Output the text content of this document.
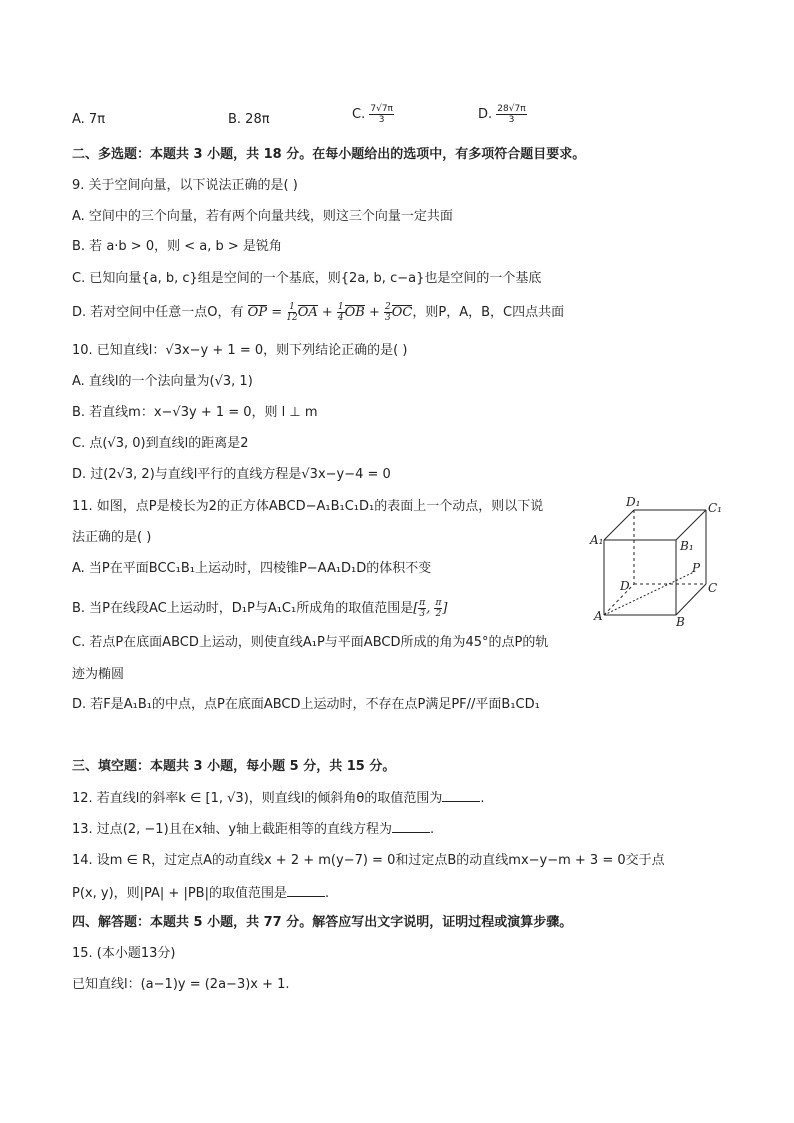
A. 7π	B. 28π	C. $\frac{7√7\pi}{3}$	D. $\frac{28√7\pi}{3}$
二、多选题：本题共 3 小题，共 18 分。在每小题给出的选项中，有多项符合题目要求。
9. 关于空间向量，以下说法正确的是( )
A. 空间中的三个向量，若有两个向量共线，则这三个向量一定共面
B. 若 a·b > 0，则 < a, b > 是锐角
C. 已知向量{a, b, c}组是空间的一个基底，则{2a, b, c−a}也是空间的一个基底
D. 若对空间中任意一点O，有 OP = $\frac{1}{12}$ OA + $\frac{1}{4}$ OB + $\frac{2}{3}$ OC，则P，A，B，C四点共面
10. 已知直线l：√3x−y + 1 = 0，则下列结论正确的是( )
A. 直线l的一个法向量为(√3, 1)
B. 若直线m：x−√3y + 1 = 0，则 l ⊥ m
C. 点(√3, 0)到直线l的距离是2
D. 过(2√3, 2)与直线l平行的直线方程是√3x−y−4 = 0
11. 如图，点P是棱长为2的正方体ABCD−A₁B₁C₁D₁的表面上一个动点，则以下说
法正确的是( )
A. 当P在平面BCC₁B₁上运动时，四棱锥P−AA₁D₁D的体积不变
B. 当P在线段AC上运动时，D₁P与A₁C₁所成角的取值范围是[ $\frac{\pi}{3}$ , $\frac{\pi}{2}$ ]
C. 若点P在底面ABCD上运动，则使直线A₁P与平面ABCD所成的角为45°的点P的轨
迹为椭圆
D. 若F是A₁B₁的中点，点P在底面ABCD上运动时，不存在点P满足PF//平面B₁CD₁
D₁	C₁
A₁	B₁
P
D	C
A	B
三、填空题：本题共 3 小题，每小题 5 分，共 15 分。
12. 若直线l的斜率k ∈ [1, √3)，则直线l的倾斜角θ的取值范围为	.
13. 过点(2, −1)且在x轴、y轴上截距相等的直线方程为	.
14. 设m ∈ R，过定点A的动直线x + 2 + m(y−7) = 0和过定点B的动直线mx−y−m + 3 = 0交于点
P(x, y)，则|PA| + |PB|的取值范围是	.
四、解答题：本题共 5 小题，共 77 分。解答应写出文字说明，证明过程或演算步骤。
15. (本小题13分)
已知直线l：(a−1)y = (2a−3)x + 1.
